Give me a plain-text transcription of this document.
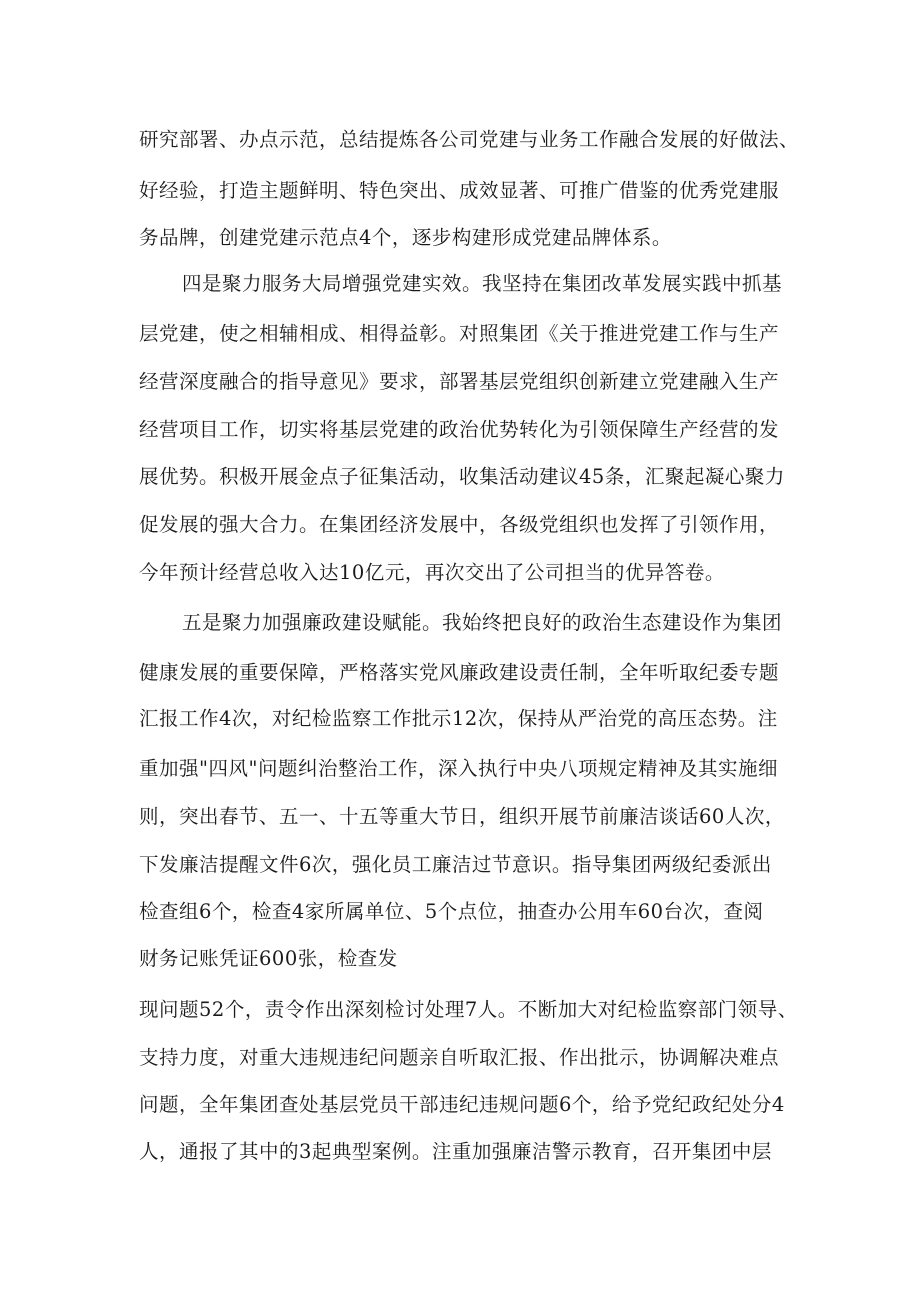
研究部署、办点示范，总结提炼各公司党建与业务工作融合发展的好做法、
好经验，打造主题鲜明、特色突出、成效显著、可推广借鉴的优秀党建服
务品牌，创建党建示范点4个，逐步构建形成党建品牌体系。
四是聚力服务大局增强党建实效。我坚持在集团改革发展实践中抓基
层党建，使之相辅相成、相得益彰。对照集团《关于推进党建工作与生产
经营深度融合的指导意见》要求，部署基层党组织创新建立党建融入生产
经营项目工作，切实将基层党建的政治优势转化为引领保障生产经营的发
展优势。积极开展金点子征集活动，收集活动建议45条，汇聚起凝心聚力
促发展的强大合力。在集团经济发展中，各级党组织也发挥了引领作用，
今年预计经营总收入达10亿元，再次交出了公司担当的优异答卷。
五是聚力加强廉政建设赋能。我始终把良好的政治生态建设作为集团
健康发展的重要保障，严格落实党风廉政建设责任制，全年听取纪委专题
汇报工作4次，对纪检监察工作批示12次，保持从严治党的高压态势。注
重加强"四风"问题纠治整治工作，深入执行中央八项规定精神及其实施细
则，突出春节、五一、十五等重大节日，组织开展节前廉洁谈话60人次，
下发廉洁提醒文件6次，强化员工廉洁过节意识。指导集团两级纪委派出
检查组6个，检查4家所属单位、5个点位，抽查办公用车60台次，查阅
财务记账凭证600张，检查发
现问题52个，责令作出深刻检讨处理7人。不断加大对纪检监察部门领导、
支持力度，对重大违规违纪问题亲自听取汇报、作出批示，协调解决难点
问题，全年集团查处基层党员干部违纪违规问题6个，给予党纪政纪处分4
人，通报了其中的3起典型案例。注重加强廉洁警示教育，召开集团中层
